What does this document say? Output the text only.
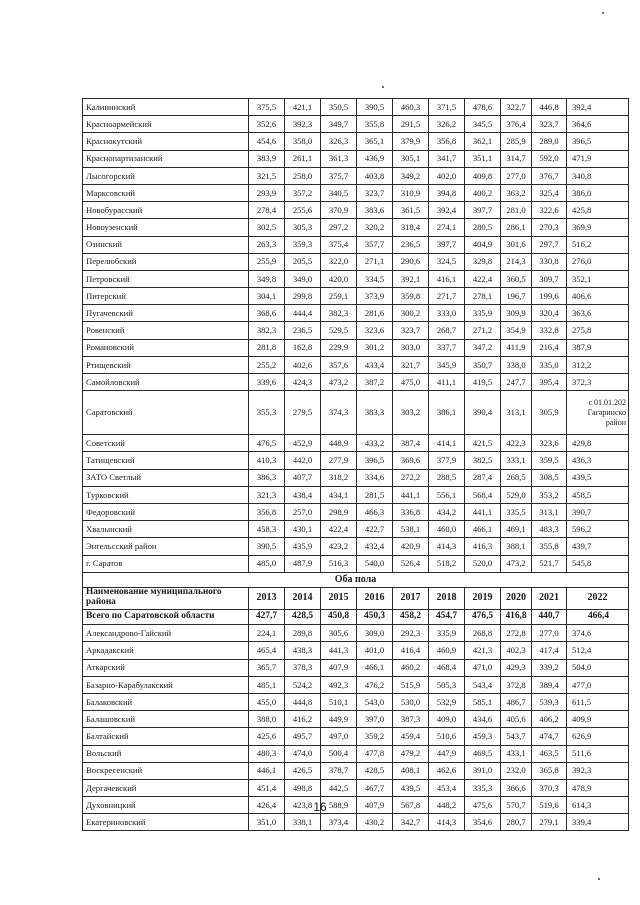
Калининский	375,5	421,1	350,5	390,5	460,3	371,5	478,6	322,7	446,8	392,4
Красноармейский	352,6	392,3	349,7	355,8	291,5	326,2	345,5	376,4	323,7	364,6
Краснокутский	454,6	358,0	326,3	365,1	379,9	356,8	362,1	285,9	289,0	396,5
Краснопартизанский	383,9	261,1	361,3	436,9	305,1	341,7	351,1	314,7	592,0	471,9
Лысогорский	321,5	258,0	375,7	403,8	349,2	402,0	409,8	277,0	376,7	340,8
Марксовский	293,9	357,2	340,5	323,7	310,9	394,8	400,2	363,2	325,4	386,0
Новобурасский	278,4	255,6	370,9	383,6	361,5	392,4	397,7	281,0	322,6	425,8
Новоузенский	302,5	305,3	297,2	320,2	318,4	274,1	280,5	286,1	270,3	369,9
Озинский	263,3	359,3	375,4	357,7	236,5	397,7	404,9	301,6	297,7	516,2
Перелюбский	255,9	205,5	322,0	271,1	290,6	324,5	329,8	214,3	330,8	276,0
Петровский	349,8	349,0	420,0	334,5	392,1	416,1	422,4	360,5	309,7	352,1
Питерский	304,1	299,8	259,1	373,9	359,8	271,7	278,1	196,7	199,6	406,6
Пугачевский	368,6	444,4	382,3	281,6	300,2	333,0	335,9	309,9	320,4	363,6
Ровенский	382,3	236,5	529,5	323,6	323,7	268,7	271,2	354,9	332,8	275,8
Романовский	281,8	162,8	229,9	301,2	303,0	337,7	347,2	411,9	216,4	387,9
Ртищевский	255,2	402,6	357,6	433,4	321,7	345,9	350,7	338,0	335,0	312,2
Самойловский	339,6	424,3	473,2	387,2	475,0	411,1	419,5	247,7	395,4	372,3
Саратовский	355,3	279,5	374,3	383,3	303,2	386,1	390,4	313,1	305,9	с 01.01.202 Гагаринско район
Советский	476,5	452,9	448,9	433,2	387,4	414,1	421,5	422,3	323,6	429,8
Татищевский	410,3	442,0	277,9	396,5	369,6	377,9	382,5	333,1	359,5	436,3
ЗАТО Светлый	386,3	407,7	318,2	334,6	272,2	288,5	287,4	268,5	308,5	439,5
Турковский	321,3	438,4	434,1	281,5	441,1	556,1	568,4	529,0	353,2	458,5
Федоровский	356,8	257,0	298,9	466,3	336,8	434,2	441,1	335,5	313,1	390,7
Хвалынский	458,3	430,1	422,4	422,7	538,1	460,0	466,1	469,1	483,3	596,2
Энгельсский район	390,5	435,9	423,2	432,4	420,9	414,3	416,3	388,1	355,8	439,7
г. Саратов	485,0	487,9	516,3	540,0	526,4	518,2	520,0	473,2	521,7	545,8
Оба пола										
Наименование муниципального района	2013	2014	2015	2016	2017	2018	2019	2020	2021	2022
Всего по Саратовской области	427,7	428,5	450,8	450,3	458,2	454,7	476,5	416,8	440,7	466,4
Александрово-Гайский	224,1	289,8	305,6	309,0	292,3	335,9	268,8	272,8	277,0	374,6
Аркадакский	465,4	438,3	441,3	401,0	416,4	460,9	421,3	402,3	417,4	512,4
Аткарский	365,7	378,3	407,9	466,1	460,2	468,4	471,0	429,3	339,2	504,0
Базарно-Карабулакский	485,1	524,2	492,3	476,2	515,9	505,3	543,4	372,8	389,4	477,0
Балаковский	455,0	444,8	510,1	543,0	530,0	532,9	585,1	486,7	539,3	611,5
Балашовский	388,0	416,2	449,9	397,0	387,3	409,0	434,6	405,6	406,2	409,9
Балтайский	425,6	495,7	497,0	359,2	459,4	510,6	459,3	543,7	474,7	626,9
Вольский	480,3	474,0	500,4	477,8	479,2	447,9	469,5	433,1	463,5	511,6
Воскресенский	446,1	426,5	378,7	428,5	408,1	462,6	391,0	232,0	365,8	392,3
Дергачевский	451,4	498,8	442,5	467,7	439,5	453,4	335,3	366,6	370,3	478,9
Духовницкий	426,4	423,8	588,9	407,9	567,8	448,2	475,6	570,7	519,6	614,3
Екатериновский	351,0	338,1	373,4	430,2	342,7	414,3	354,6	280,7	279,1	339,4
16
